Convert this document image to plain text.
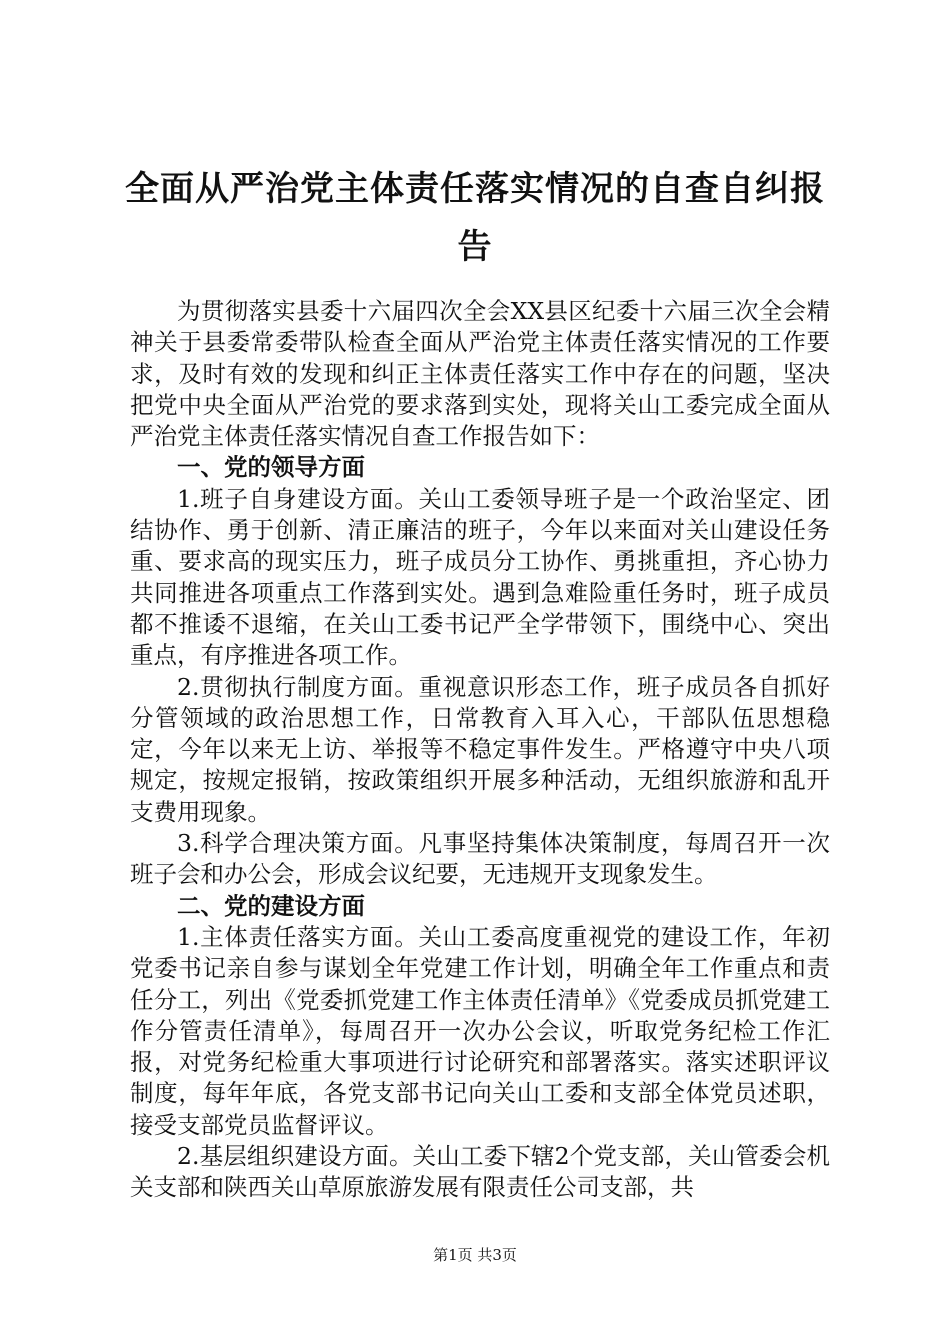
全面从严治党主体责任落实情况的自查自纠报告

为贯彻落实县委十六届四次全会XX县区纪委十六届三次全会精神关于县委常委带队检查全面从严治党主体责任落实情况的工作要求，及时有效的发现和纠正主体责任落实工作中存在的问题，坚决把党中央全面从严治党的要求落到实处，现将关山工委完成全面从严治党主体责任落实情况自查工作报告如下：

一、党的领导方面

1.班子自身建设方面。关山工委领导班子是一个政治坚定、团结协作、勇于创新、清正廉洁的班子，今年以来面对关山建设任务重、要求高的现实压力，班子成员分工协作、勇挑重担，齐心协力共同推进各项重点工作落到实处。遇到急难险重任务时，班子成员都不推诿不退缩，在关山工委书记严全学带领下，围绕中心、突出重点，有序推进各项工作。

2.贯彻执行制度方面。重视意识形态工作，班子成员各自抓好分管领域的政治思想工作，日常教育入耳入心，干部队伍思想稳定，今年以来无上访、举报等不稳定事件发生。严格遵守中央八项规定，按规定报销，按政策组织开展多种活动，无组织旅游和乱开支费用现象。

3.科学合理决策方面。凡事坚持集体决策制度，每周召开一次班子会和办公会，形成会议纪要，无违规开支现象发生。

二、党的建设方面

1.主体责任落实方面。关山工委高度重视党的建设工作，年初党委书记亲自参与谋划全年党建工作计划，明确全年工作重点和责任分工，列出《党委抓党建工作主体责任清单》《党委成员抓党建工作分管责任清单》，每周召开一次办公会议，听取党务纪检工作汇报，对党务纪检重大事项进行讨论研究和部署落实。落实述职评议制度，每年年底，各党支部书记向关山工委和支部全体党员述职，接受支部党员监督评议。

2.基层组织建设方面。关山工委下辖2个党支部，关山管委会机关支部和陕西关山草原旅游发展有限责任公司支部，共

第1页 共3页
